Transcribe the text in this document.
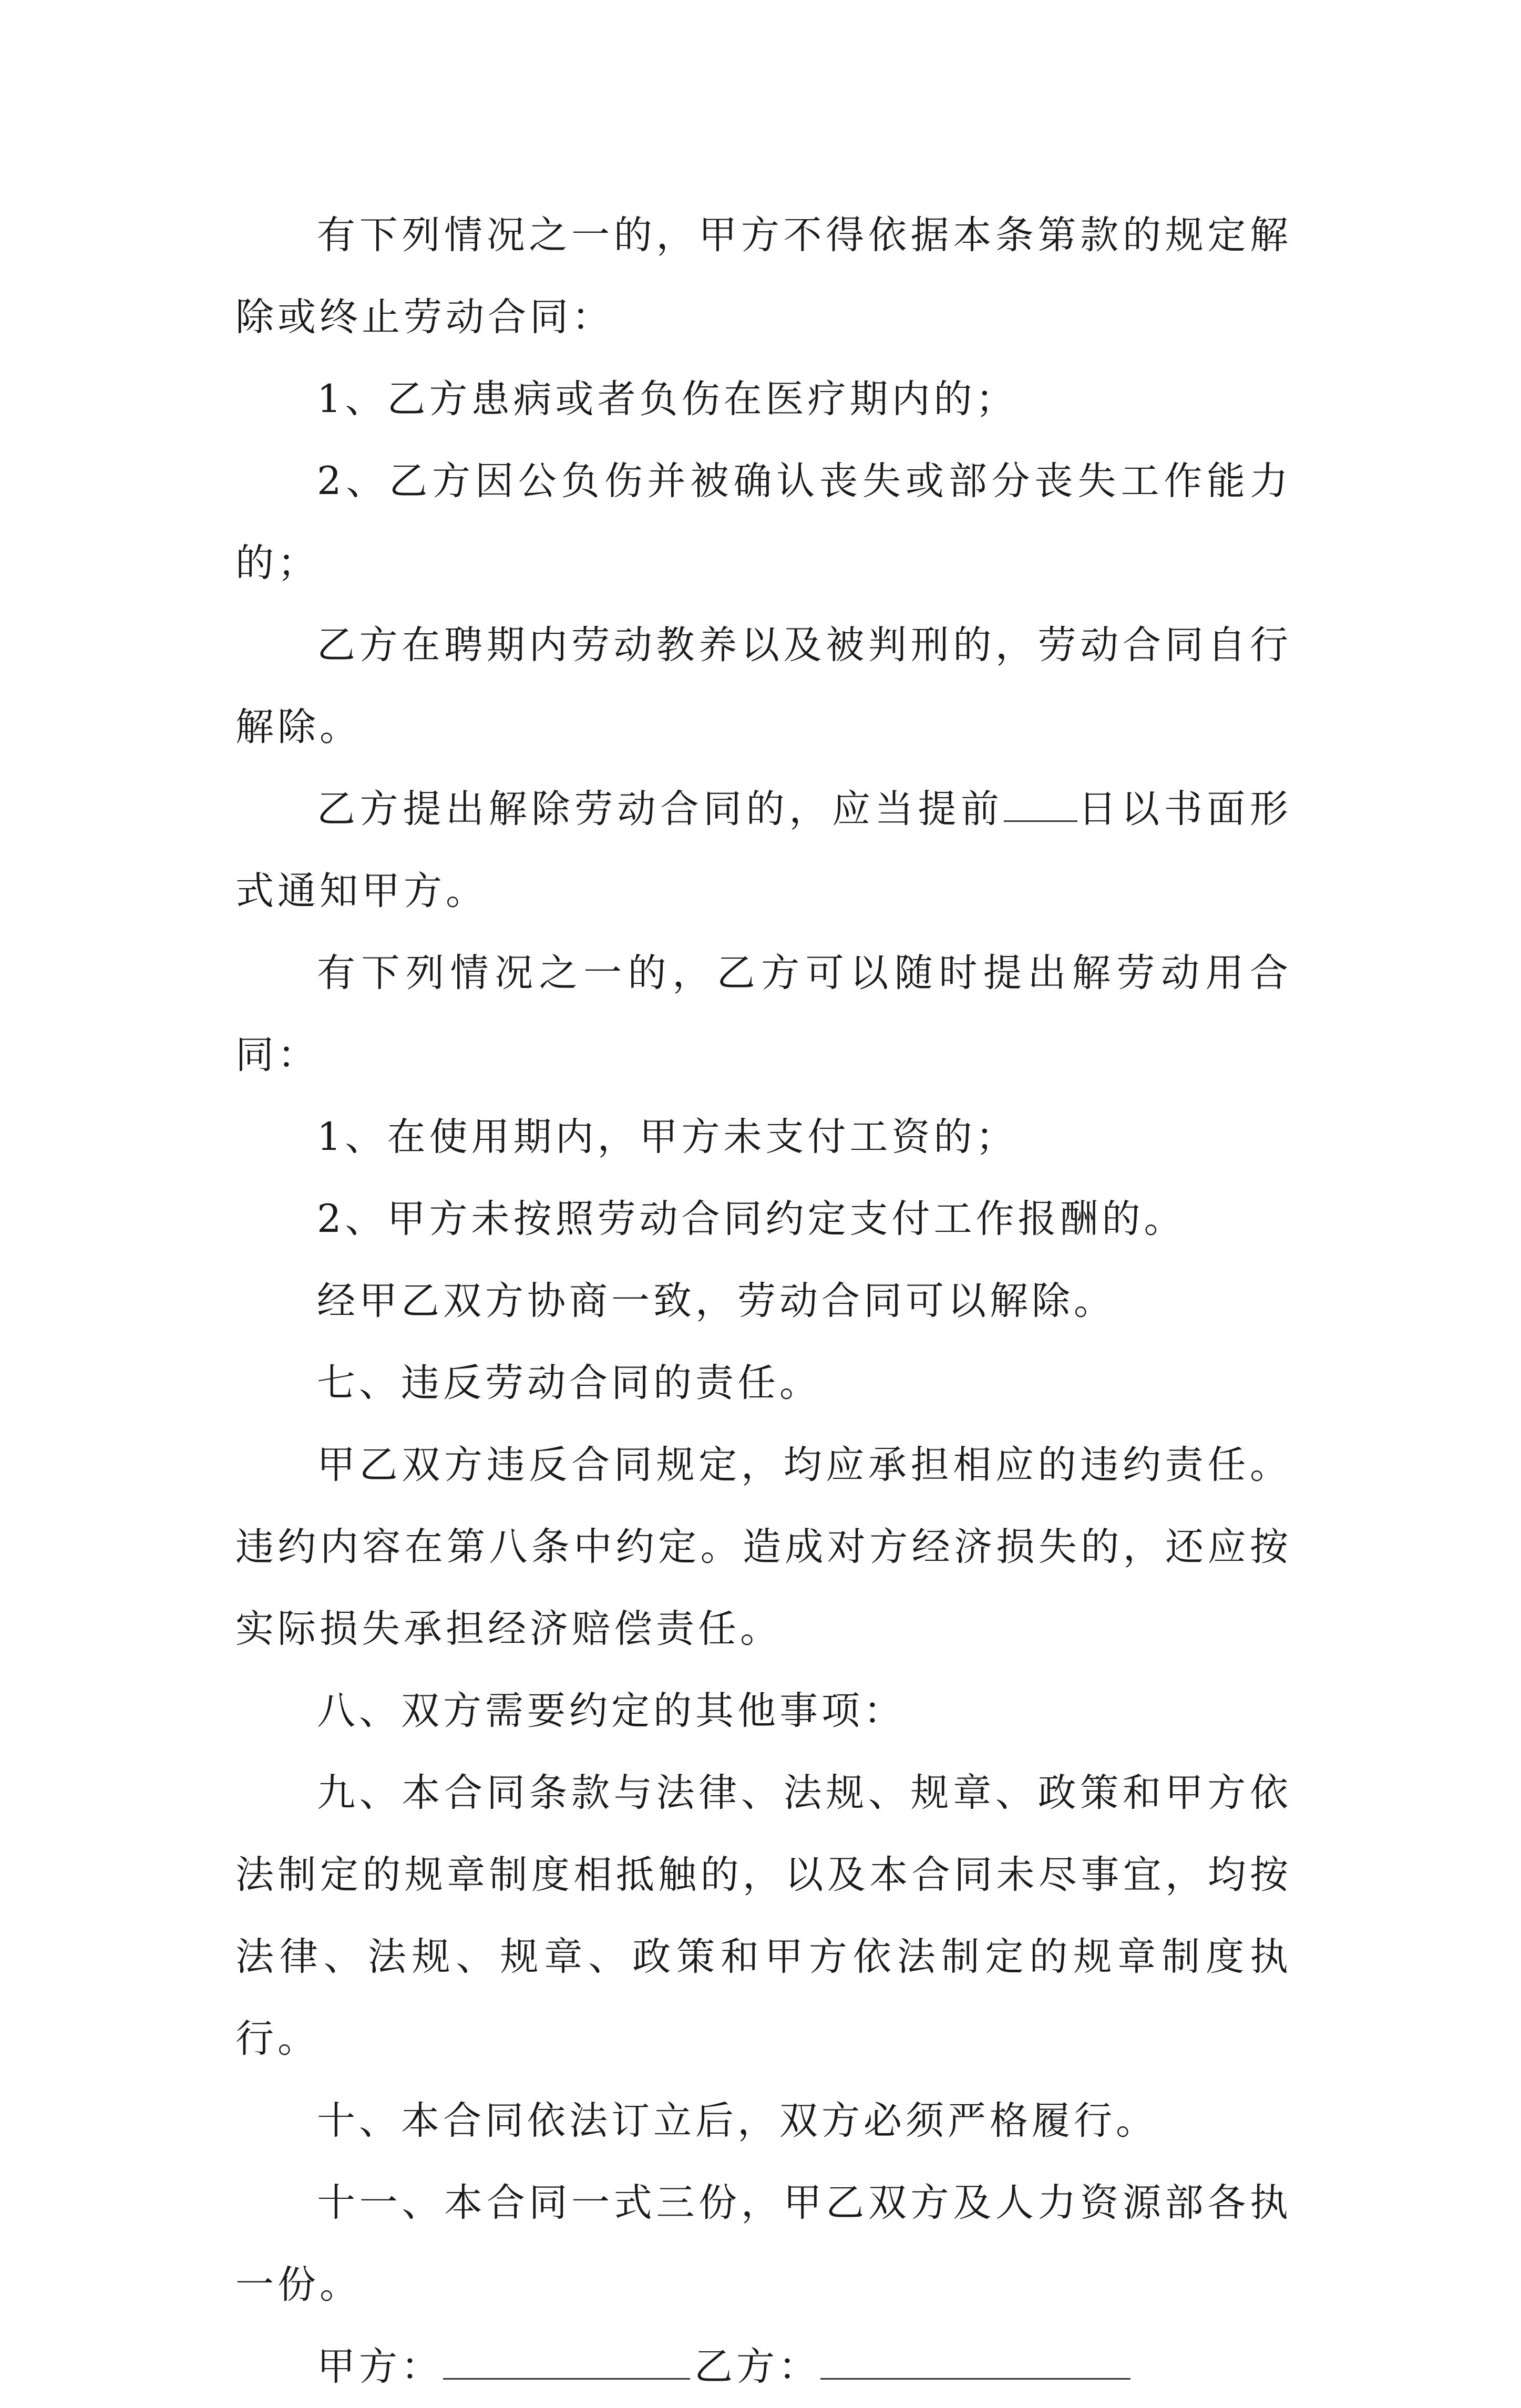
有下列情况之一的，甲方不得依据本条第款的规定解除或终止劳动合同：

1、乙方患病或者负伤在医疗期内的；

2、乙方因公负伤并被确认丧失或部分丧失工作能力的；

乙方在聘期内劳动教养以及被判刑的，劳动合同自行解除。

乙方提出解除劳动合同的，应当提前 日以书面形式通知甲方。

有下列情况之一的，乙方可以随时提出解劳动用合同：

1、在使用期内，甲方未支付工资的；

2、甲方未按照劳动合同约定支付工作报酬的。

经甲乙双方协商一致，劳动合同可以解除。

七、违反劳动合同的责任。

甲乙双方违反合同规定，均应承担相应的违约责任。违约内容在第八条中约定。造成对方经济损失的，还应按实际损失承担经济赔偿责任。

八、双方需要约定的其他事项：

九、本合同条款与法律、法规、规章、政策和甲方依法制定的规章制度相抵触的，以及本合同未尽事宜，均按法律、法规、规章、政策和甲方依法制定的规章制度执行。

十、本合同依法订立后，双方必须严格履行。

十一、本合同一式三份，甲乙双方及人力资源部各执一份。

甲方：	乙方：
